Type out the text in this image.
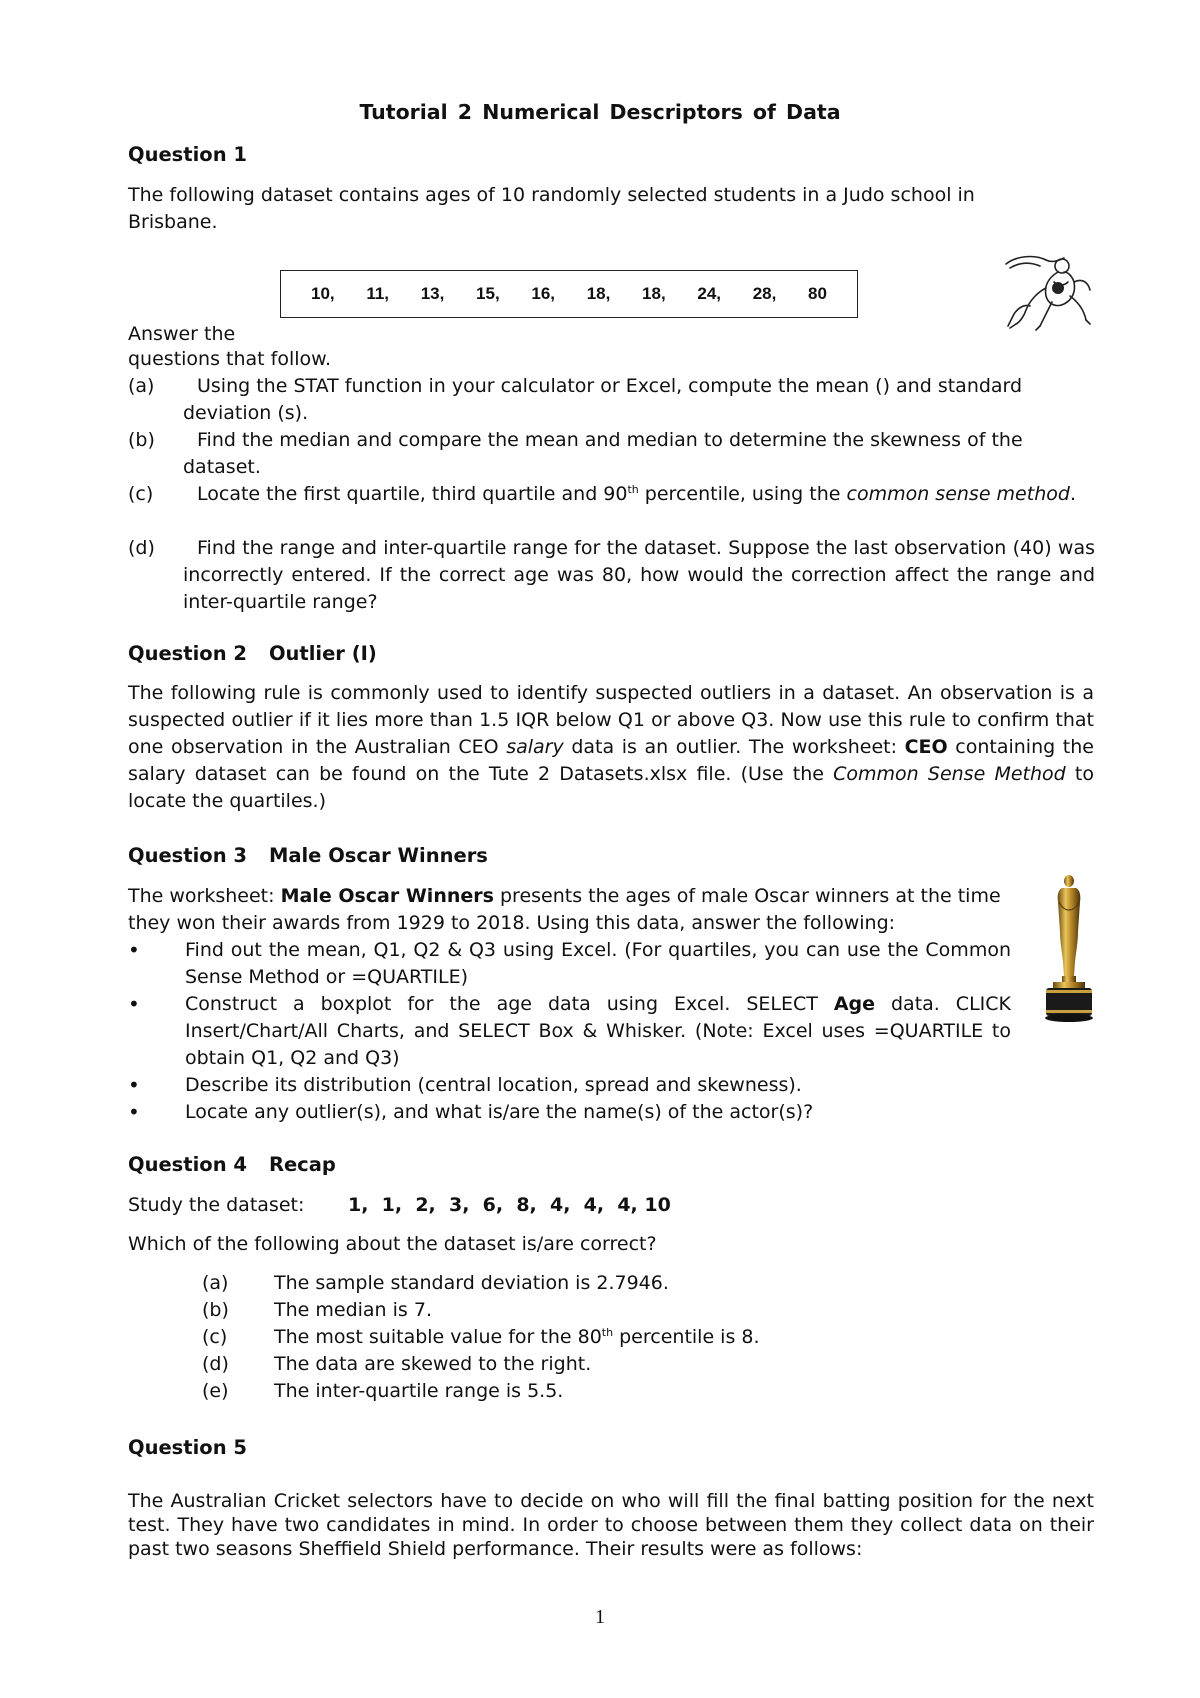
Tutorial 2 Numerical Descriptors of Data
Question 1
The following dataset contains ages of 10 randomly selected students in a Judo school in Brisbane.
10, 11, 13, 15, 16, 18, 18, 24, 28, 80
Answer the
questions that follow.
(a)	Using the STAT function in your calculator or Excel, compute the mean () and standard deviation (s).
(b)	Find the median and compare the mean and median to determine the skewness of the dataset.
(c)	Locate the first quartile, third quartile and 90th percentile, using the common sense method.
(d)	Find the range and inter-quartile range for the dataset. Suppose the last observation (40) was incorrectly entered. If the correct age was 80, how would the correction affect the range and inter-quartile range?
Question 2 Outlier (I)
The following rule is commonly used to identify suspected outliers in a dataset. An observation is a suspected outlier if it lies more than 1.5 IQR below Q1 or above Q3. Now use this rule to confirm that one observation in the Australian CEO salary data is an outlier. The worksheet: CEO containing the salary dataset can be found on the Tute 2 Datasets.xlsx file. (Use the Common Sense Method to locate the quartiles.)
Question 3 Male Oscar Winners
The worksheet: Male Oscar Winners presents the ages of male Oscar winners at the time they won their awards from 1929 to 2018. Using this data, answer the following:
• Find out the mean, Q1, Q2 & Q3 using Excel. (For quartiles, you can use the Common Sense Method or =QUARTILE)
• Construct a boxplot for the age data using Excel. SELECT Age data. CLICK Insert/Chart/All Charts, and SELECT Box & Whisker. (Note: Excel uses =QUARTILE to obtain Q1, Q2 and Q3)
• Describe its distribution (central location, spread and skewness).
• Locate any outlier(s), and what is/are the name(s) of the actor(s)?
Question 4 Recap
Study the dataset: 1,  1,  2,  3,  6,  8,  4,  4,  4, 10
Which of the following about the dataset is/are correct?
(a) The sample standard deviation is 2.7946.
(b) The median is 7.
(c) The most suitable value for the 80th percentile is 8.
(d) The data are skewed to the right.
(e) The inter-quartile range is 5.5.
Question 5
The Australian Cricket selectors have to decide on who will fill the final batting position for the next test. They have two candidates in mind. In order to choose between them they collect data on their past two seasons Sheffield Shield performance. Their results were as follows:
1
